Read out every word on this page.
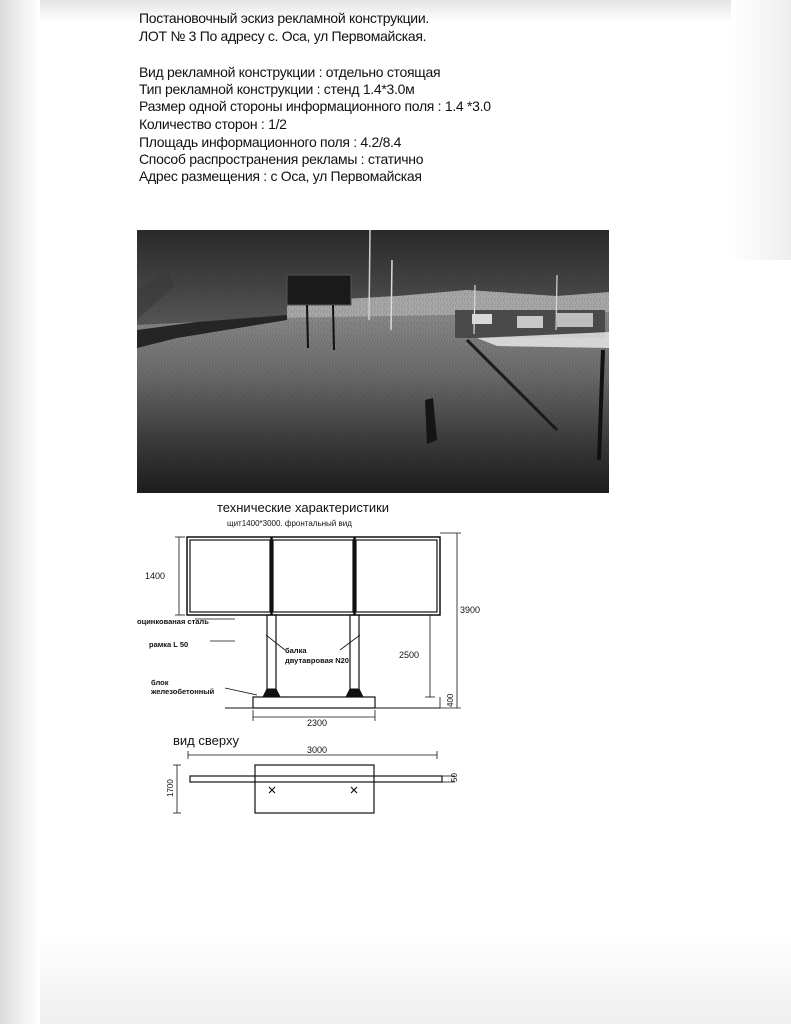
Постановочный эскиз рекламной конструкции.
ЛОТ № 3 По адресу с. Оса, ул Первомайская.
Вид рекламной конструкции : отдельно стоящая
Тип рекламной конструкции : стенд 1.4*3.0м
Размер одной стороны информационного поля : 1.4 *3.0
Количество сторон : 1/2
Площадь информационного поля : 4.2/8.4
Способ распространения рекламы : статично
Адрес размещения : с Оса, ул Первомайская
технические характеристики
щит1400*3000. фронтальный вид
1400
3900
2500
400
2300
оцинкованая сталь
рамка L 50
балка
двутавровая N20
блок
железобетонный
вид сверху
3000
1700
50
